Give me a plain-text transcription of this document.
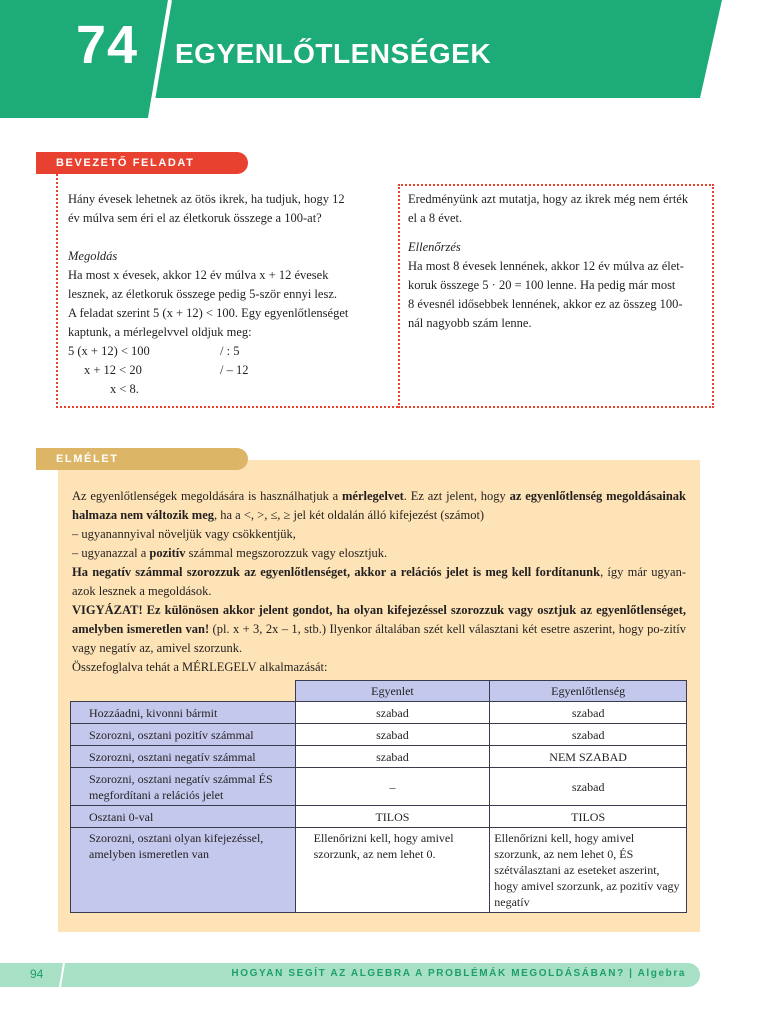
74 EGYENLŐTLENSÉGEK
BEVEZETŐ FELADAT

Hány évesek lehetnek az ötös ikrek, ha tudjuk, hogy 12

év múlva sem éri el az életkoruk összege a 100-at?

Megoldás

Ha most x évesek, akkor 12 év múlva x + 12 évesek

lesznek, az életkoruk összege pedig 5-ször ennyi lesz.

A feladat szerint 5 (x + 12) < 100. Egy egyenlőtlenséget

kaptunk, a mérlegelvvel oldjuk meg:

5 (x + 12) < 100	/ : 5

x + 12 < 20	/ – 12

x < 8.

Eredményünk azt mutatja, hogy az ikrek még nem érték

el a 8 évet.

Ellenőrzés

Ha most 8 évesek lennének, akkor 12 év múlva az élet-

koruk összege 5 · 20 = 100 lenne. Ha pedig már most

8 évesnél idősebbek lennének, akkor ez az összeg 100-

nál nagyobb szám lenne.

ELMÉLET

Az egyenlőtlenségek megoldására is használhatjuk a mérlegelvet. Ez azt jelent, hogy az egyenlőtlenség megoldásainak halmaza nem változik meg, ha a <, >, ≤, ≥ jel két oldalán álló kifejezést (számot)

– ugyanannyival növeljük vagy csökkentjük,

– ugyanazzal a pozitív számmal megszorozzuk vagy elosztjuk.

Ha negatív számmal szorozzuk az egyenlőtlenséget, akkor a relációs jelet is meg kell fordítanunk, így már ugyan-azok lesznek a megoldások.

VIGYÁZAT! Ez különösen akkor jelent gondot, ha olyan kifejezéssel szorozzuk vagy osztjuk az egyenlőtlenséget, amelyben ismeretlen van! (pl. x + 3, 2x – 1, stb.) Ilyenkor általában szét kell választani két esetre aszerint, hogy po-zitív vagy negatív az, amivel szorzunk.

Összefoglalva tehát a MÉRLEGELV alkalmazását:

	Egyenlet	Egyenlőtlenség
Hozzáadni, kivonni bármit	szabad	szabad
Szorozni, osztani pozitív számmal	szabad	szabad
Szorozni, osztani negatív számmal	szabad	NEM SZABAD
Szorozni, osztani negatív számmal ÉS megfordítani a relációs jelet	–	szabad
Osztani 0-val	TILOS	TILOS
Szorozni, osztani olyan kifejezéssel, amelyben ismeretlen van	Ellenőrizni kell, hogy amivel szorzunk, az nem lehet 0.	Ellenőrizni kell, hogy amivel szorzunk, az nem lehet 0, ÉS szétválasztani az eseteket aszerint, hogy amivel szorzunk, az pozitív vagy negatív
94	HOGYAN SEGÍT AZ ALGEBRA A PROBLÉMÁK MEGOLDÁSÁBAN? | Algebra
